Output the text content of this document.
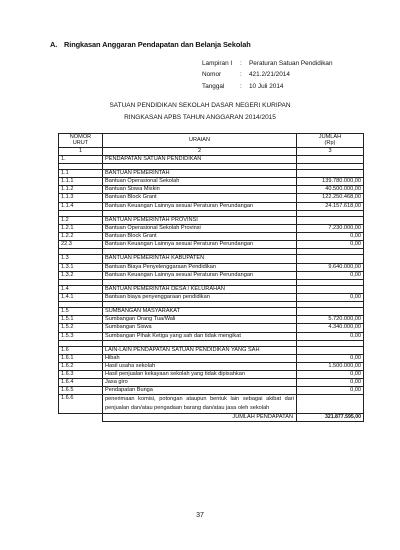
A. Ringkasan Anggaran Pendapatan dan Belanja Sekolah
Lampiran I	:	Peraturan Satuan Pendidikan
Nomor	:	421.2/21/2014
Tanggal	:	10 Juli 2014
SATUAN PENDIDIKAN SEKOLAH DASAR NEGERI KURIPAN
RINGKASAN APBS TAHUN ANGGARAN 2014/2015
NOMOR
URUT	URAIAN	JUMLAH
(Rp)
1	2	3
1.	PENDAPATAN SATUAN PENDIDIKAN	

1.1	BANTUAN PEMERINTAH	
1.1.1	Bantuan Operasional Sekolah	139.780.000,00
1.1.2	Bantuan Siswa Miskin	40.500.000,00
1.1.3	Bantuan Block Grant	122.250.468,00
1.1.4	Bantuan Keuangan Lainnya sesuai Peraturan Perundangan	24.157.618,00

1.2	BANTUAN PEMERINTAH PROVINSI	
1.2.1	Bantuan Operasional Sekolah Provinsi	7.230.000,00
1.2.2	Bantuan Block Grant	0,00
22.3	Bantuan Keuangan Lainnya sesuai Peraturan Perundangan	0,00

1.3	BANTUAN PEMERINTAH KABUPATEN	
1.3.1	Bantuan Biaya Penyelenggaraan Pendidikan	9.640.000,00
1.3.2	Bantuan Keuangan Lainnya sesuai Peraturan Perundangan	0,00

1.4	BANTUAN PEMERINTAH DESA / KELURAHAN	
1.4.1	Bantuan biaya penyenggaraan pendidikan	0,00

1.5	SUMBANGAN MASYARAKAT	
1.5.1	Sumbangan Orang Tua/Wali	5.720.000,00
1.5.2	Sumbangan Siswa	4.340.000,00
1.5.3	Sumbangan Pihak Ketiga yang sah dan tidak mengikat	0,00

1.6	LAIN-LAIN PENDAPATAN SATUAN PENDIDIKAN YANG SAH	
1.6.1	Hibah	0,00
1.6.2	Hasil usaha sekolah	1.500.000,00
1.6.3	Hasil penjualan kekayaan sekolah yang tidak dipisahkan	0,00
1.6.4	Jasa giro	0,00
1.6.5	Pendapatan Bunga	0,00
1.6.6	penerimaan komisi, potongan ataupun bentuk lain sebagai akibat dari penjualan dan/atau pengadaan barang dan/atau jasa oleh sekolah	
	JUMLAH PENDAPATAN	321.877.595,00
37
